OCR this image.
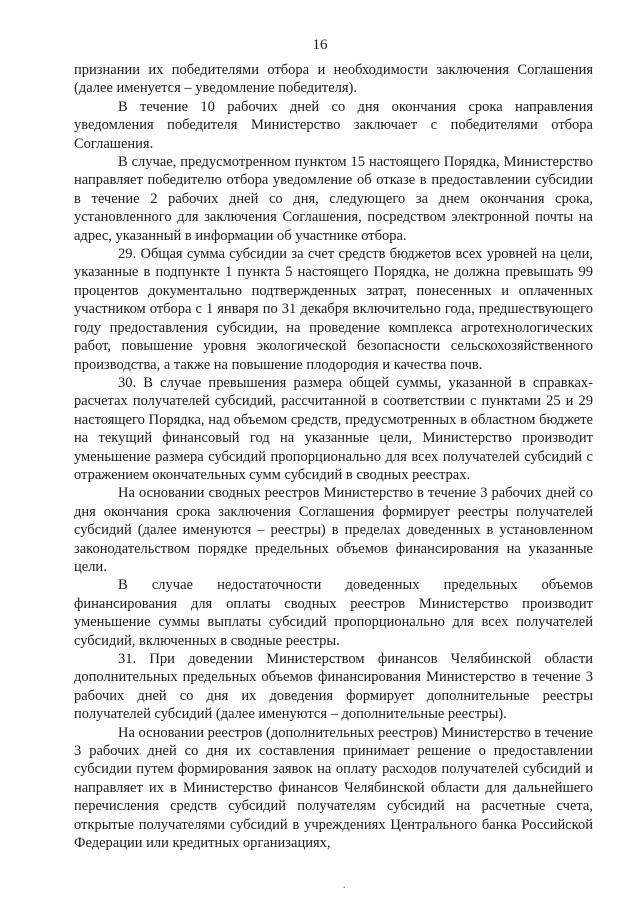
16

признании их победителями отбора и необходимости заключения Соглашения (далее именуется – уведомление победителя).

В течение 10 рабочих дней со дня окончания срока направления уведомления победителя Министерство заключает с победителями отбора Соглашения.

В случае, предусмотренном пунктом 15 настоящего Порядка, Министерство направляет победителю отбора уведомление об отказе в предоставлении субсидии в течение 2 рабочих дней со дня, следующего за днем окончания срока, установленного для заключения Соглашения, посредством электронной почты на адрес, указанный в информации об участнике отбора.

29. Общая сумма субсидии за счет средств бюджетов всех уровней на цели, указанные в подпункте 1 пункта 5 настоящего Порядка, не должна превышать 99 процентов документально подтвержденных затрат, понесенных и оплаченных участником отбора с 1 января по 31 декабря включительно года, предшествующего году предоставления субсидии, на проведение комплекса агротехнологических работ, повышение уровня экологической безопасности сельскохозяйственного производства, а также на повышение плодородия и качества почв.

30. В случае превышения размера общей суммы, указанной в справках-расчетах получателей субсидий, рассчитанной в соответствии с пунктами 25 и 29 настоящего Порядка, над объемом средств, предусмотренных в областном бюджете на текущий финансовый год на указанные цели, Министерство производит уменьшение размера субсидий пропорционально для всех получателей субсидий с отражением окончательных сумм субсидий в сводных реестрах.

На основании сводных реестров Министерство в течение 3 рабочих дней со дня окончания срока заключения Соглашения формирует реестры получателей субсидий (далее именуются – реестры) в пределах доведенных в установленном законодательством порядке предельных объемов финансирования на указанные цели.

В случае недостаточности доведенных предельных объемов финансирования для оплаты сводных реестров Министерство производит уменьшение суммы выплаты субсидий пропорционально для всех получателей субсидий, включенных в сводные реестры.

31. При доведении Министерством финансов Челябинской области дополнительных предельных объемов финансирования Министерство в течение 3 рабочих дней со дня их доведения формирует дополнительные реестры получателей субсидий (далее именуются – дополнительные реестры).

На основании реестров (дополнительных реестров) Министерство в течение 3 рабочих дней со дня их составления принимает решение о предоставлении субсидии путем формирования заявок на оплату расходов получателей субсидий и направляет их в Министерство финансов Челябинской области для дальнейшего перечисления средств субсидий получателям субсидий на расчетные счета, открытые получателями субсидий в учреждениях Центрального банка Российской Федерации или кредитных организациях,

.
